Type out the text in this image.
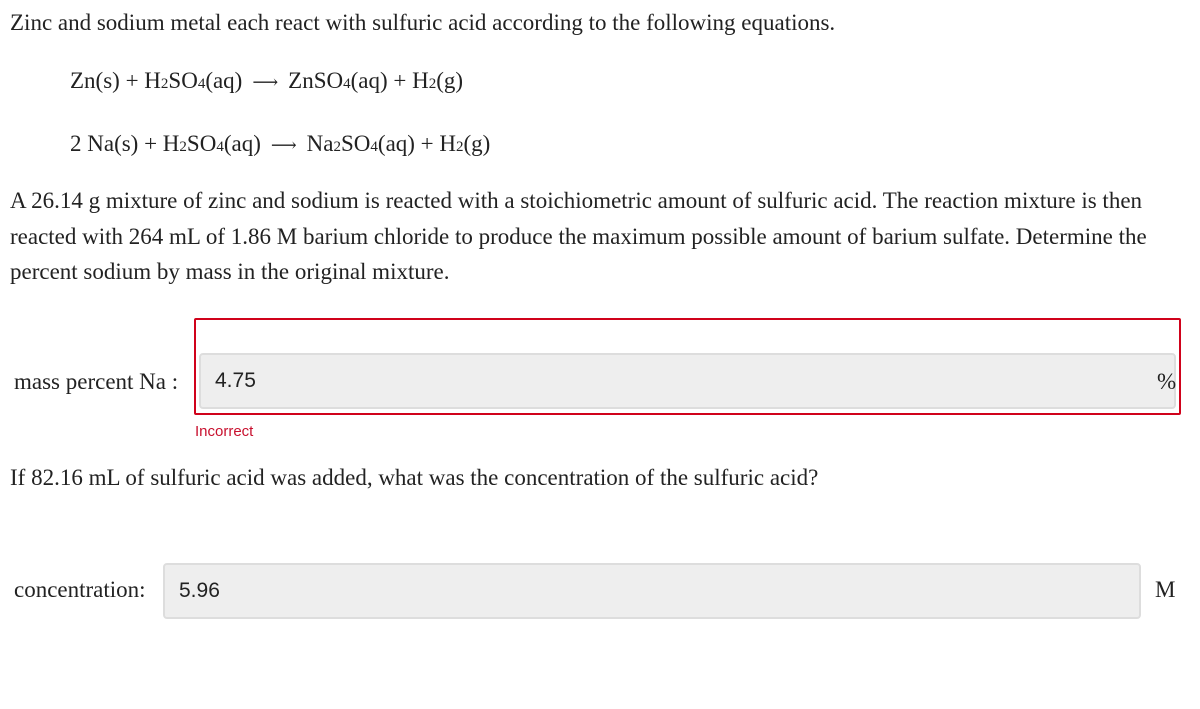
Zinc and sodium metal each react with sulfuric acid according to the following equations.
Zn(s) + H 2 SO 4 (aq) ⟶ ZnSO 4 (aq) + H 2 (g)
2 Na(s) + H 2 SO 4 (aq) ⟶ Na 2 SO 4 (aq) + H 2 (g)
A 26.14 g mixture of zinc and sodium is reacted with a stoichiometric amount of sulfuric acid. The reaction mixture is then reacted with 264 mL of 1.86 M barium chloride to produce the maximum possible amount of barium sulfate. Determine the percent sodium by mass in the original mixture.
mass percent Na :	4.75	%
Incorrect
If 82.16 mL of sulfuric acid was added, what was the concentration of the sulfuric acid?
concentration:	5.96	M
